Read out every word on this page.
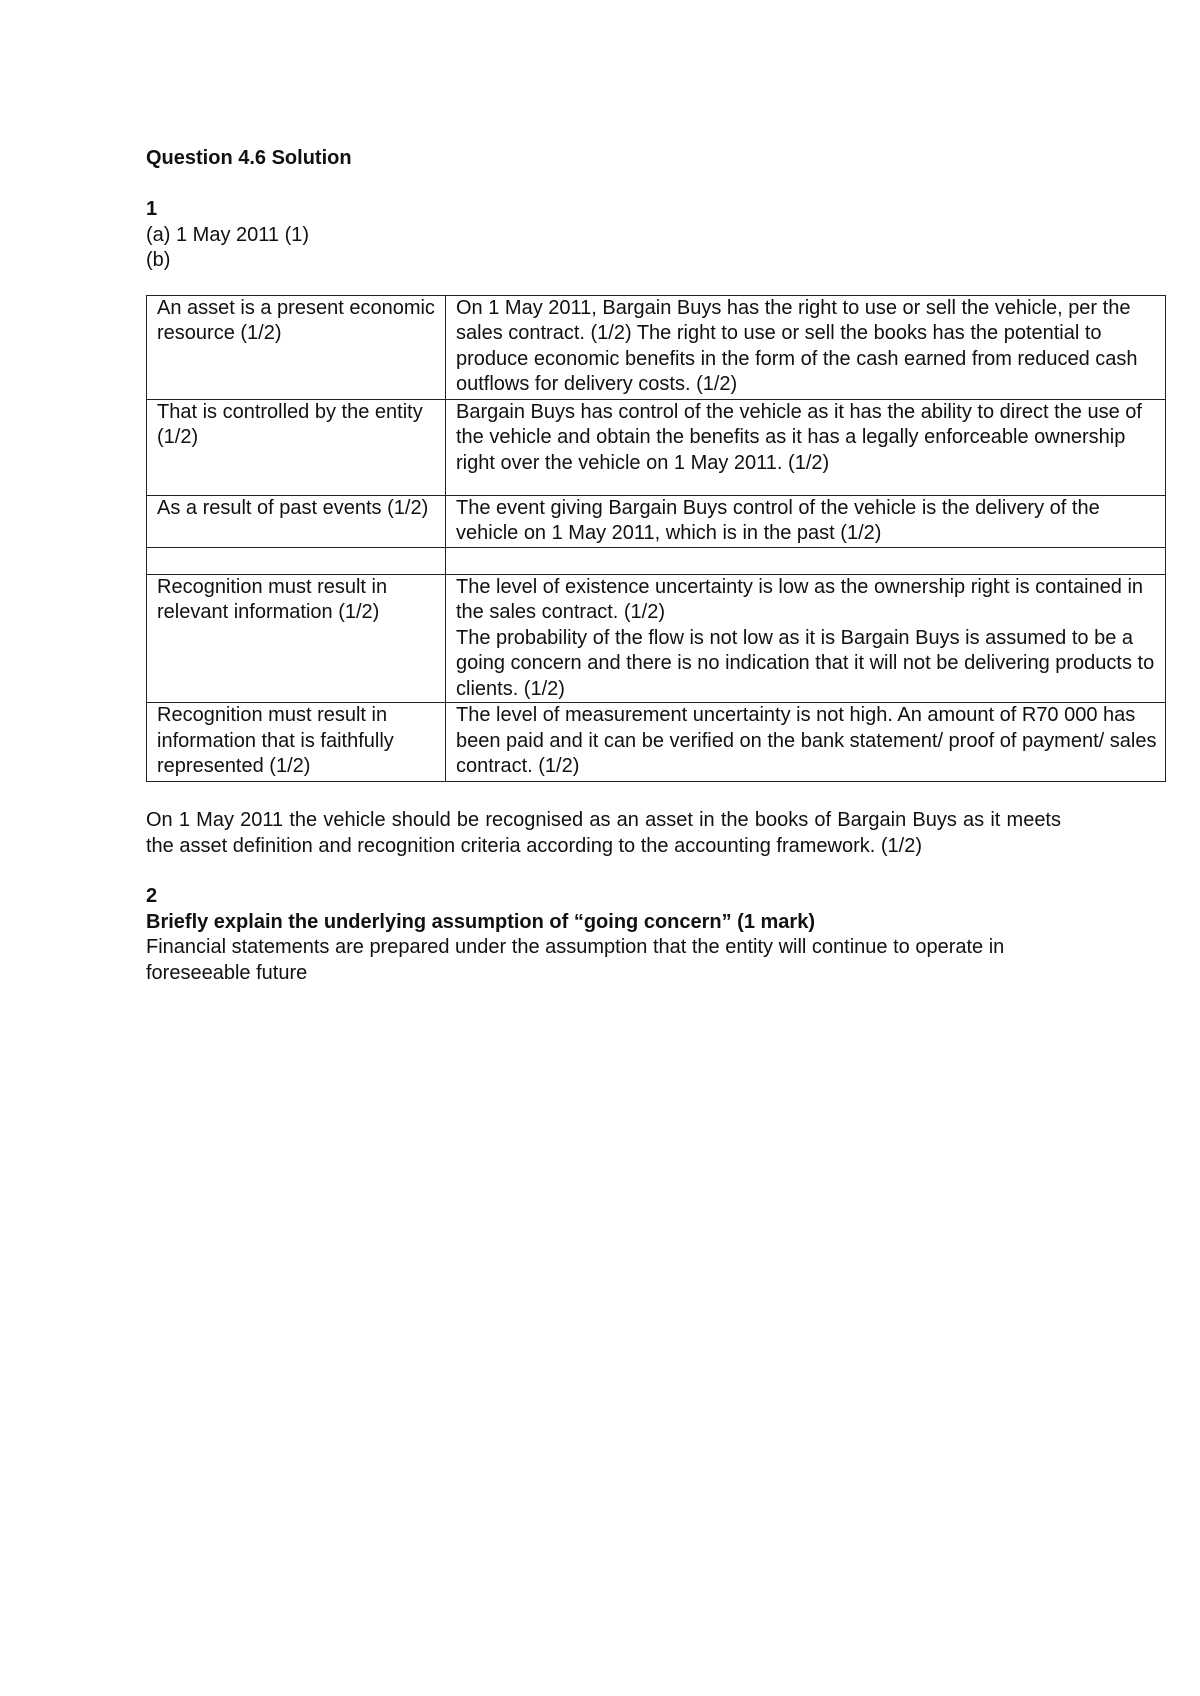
Question 4.6 Solution

1

(a) 1 May 2011 (1)

(b)

An asset is a present economic resource (1/2)	On 1 May 2011, Bargain Buys has the right to use or sell the vehicle, per the sales contract. (1/2) The right to use or sell the books has the potential to produce economic benefits in the form of the cash earned from reduced cash outflows for delivery costs. (1/2)

That is controlled by the entity (1/2)	Bargain Buys has control of the vehicle as it has the ability to direct the use of the vehicle and obtain the benefits as it has a legally enforceable ownership right over the vehicle on 1 May 2011. (1/2)

As a result of past events (1/2)	The event giving Bargain Buys control of the vehicle is the delivery of the vehicle on 1 May 2011, which is in the past (1/2)

Recognition must result in relevant information (1/2)	The level of existence uncertainty is low as the ownership right is contained in the sales contract. (1/2)
The probability of the flow is not low as it is Bargain Buys is assumed to be a going concern and there is no indication that it will not be delivering products to clients. (1/2)

Recognition must result in information that is faithfully represented (1/2)	The level of measurement uncertainty is not high. An amount of R70 000 has been paid and it can be verified on the bank statement/ proof of payment/ sales contract. (1/2)

On 1 May 2011 the vehicle should be recognised as an asset in the books of Bargain Buys as it meets the asset definition and recognition criteria according to the accounting framework. (1/2)

2

Briefly explain the underlying assumption of “going concern” (1 mark)

Financial statements are prepared under the assumption that the entity will continue to operate in foreseeable future
